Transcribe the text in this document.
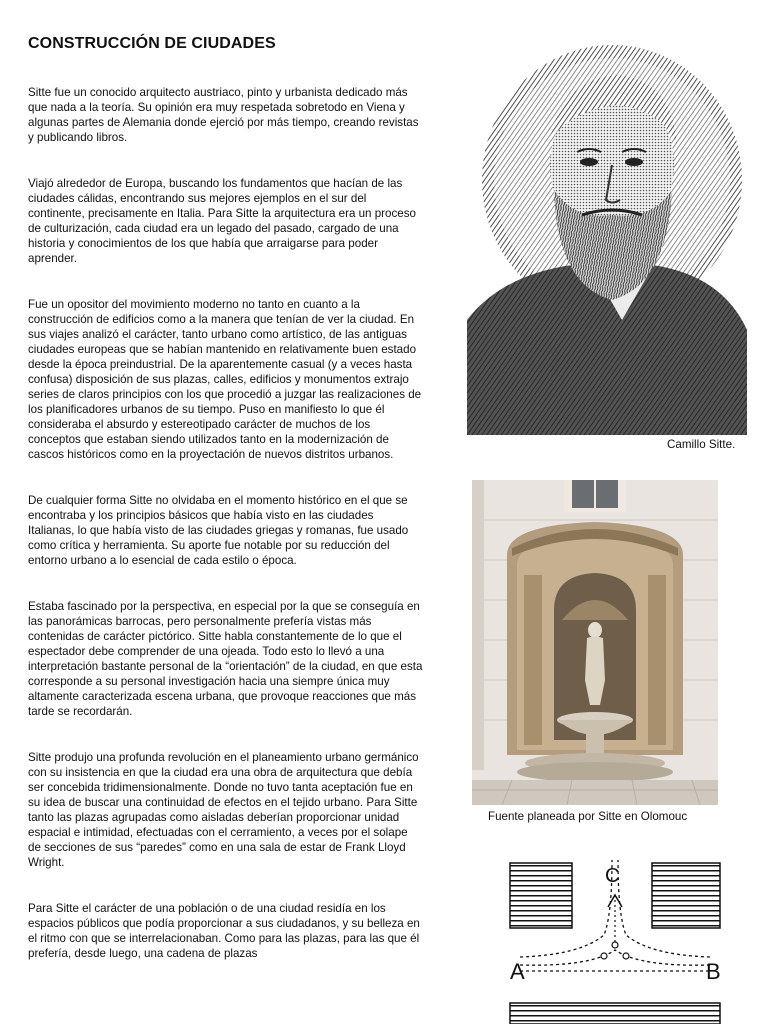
CONSTRUCCIÓN DE CIUDADES

Sitte fue un conocido arquitecto austriaco, pinto y urbanista dedicado más que nada a la teoría. Su opinión era muy respetada sobretodo en Viena y algunas partes de Alemania donde ejerció por más tiempo, creando revistas y publicando libros.

Viajó alrededor de Europa, buscando los fundamentos que hacían de las ciudades cálidas, encontrando sus mejores ejemplos en el sur del continente, precisamente en Italia. Para Sitte la arquitectura era un proceso de culturización, cada ciudad era un legado del pasado, cargado de una historia y conocimientos de los que había que arraigarse para poder aprender.

Fue un opositor del movimiento moderno no tanto en cuanto a la construcción de edificios como a la manera que tenían de ver la ciudad. En sus viajes analizó el carácter, tanto urbano como artístico, de las antiguas ciudades europeas que se habían mantenido en relativamente buen estado desde la época preindustrial. De la aparentemente casual (y a veces hasta confusa) disposición de sus plazas, calles, edificios y monumentos extrajo series de claros principios con los que procedió a juzgar las realizaciones de los planificadores urbanos de su tiempo. Puso en manifiesto lo que él consideraba el absurdo y estereotipado carácter de muchos de los conceptos que estaban siendo utilizados tanto en la modernización de cascos históricos como en la proyectación de nuevos distritos urbanos.

De cualquier forma Sitte no olvidaba en el momento histórico en el que se encontraba y los principios básicos que había visto en las ciudades Italianas, lo que había visto de las ciudades griegas y romanas, fue usado como crítica y herramienta. Su aporte fue notable por su reducción del entorno urbano a lo esencial de cada estilo o época.

Estaba fascinado por la perspectiva, en especial por la que se conseguía en las panorámicas barrocas, pero personalmente prefería vistas más contenidas de carácter pictórico. Sitte habla constantemente de lo que el espectador debe comprender de una ojeada. Todo esto lo llevó a una interpretación bastante personal de la “orientación” de la ciudad, en que esta corresponde a su personal investigación hacia una siempre única muy altamente caracterizada escena urbana, que provoque reacciones que más tarde se recordarán.

Sitte produjo una profunda revolución en el planeamiento urbano germánico con su insistencia en que la ciudad era una obra de arquitectura que debía ser concebida tridimensionalmente. Donde no tuvo tanta aceptación fue en su idea de buscar una continuidad de efectos en el tejido urbano. Para Sitte tanto las plazas agrupadas como aisladas deberían proporcionar unidad espacial e intimidad, efectuadas con el cerramiento, a veces por el solape de secciones de sus “paredes” como en una sala de estar de Frank Lloyd Wright.

Para Sitte el carácter de una población o de una ciudad residía en los espacios públicos que podía proporcionar a sus ciudadanos, y su belleza en el ritmo con que se interrelacionaban. Como para las plazas, para las que él prefería, desde luego, una cadena de plazas

Camillo Sitte.
Fuente planeada por Sitte en Olomouc
C
A	B
